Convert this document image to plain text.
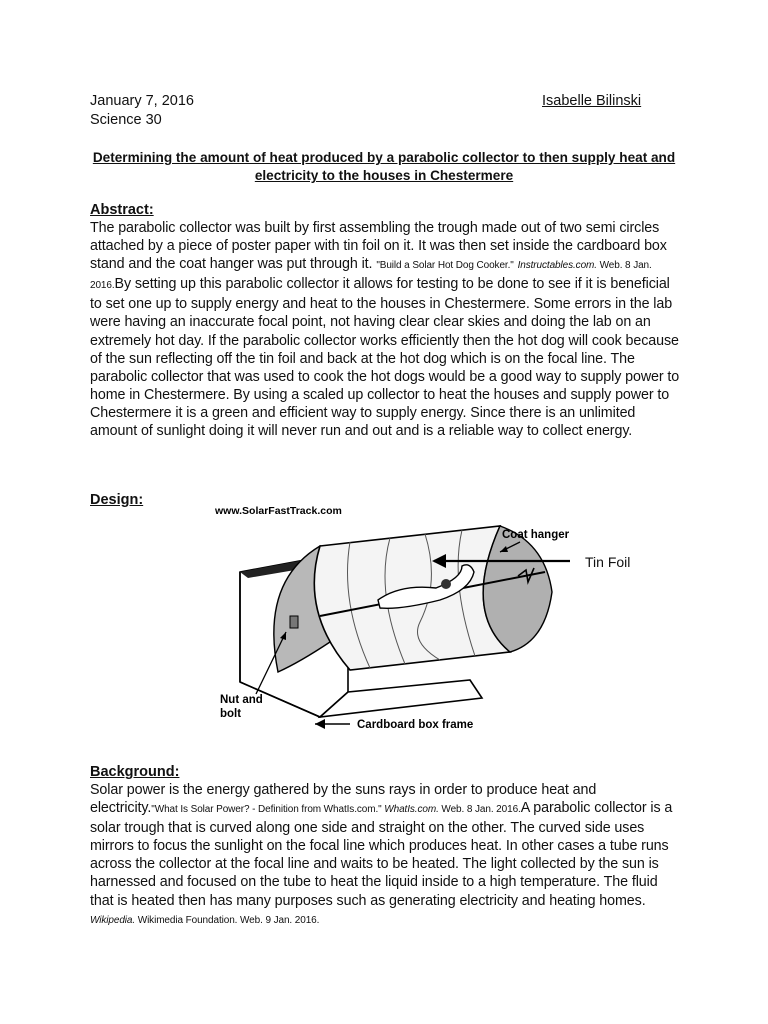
January 7, 2016
Science 30
Isabelle Bilinski
Determining the amount of heat produced by a parabolic collector to then supply heat and electricity to the houses in Chestermere
Abstract:

The parabolic collector was built by first assembling the trough made out of two semi circles attached by a piece of poster paper with tin foil on it. It was then set inside the cardboard box stand and the coat hanger was put through it. "Build a Solar Hot Dog Cooker." Instructables.com. Web. 8 Jan. 2016.By setting up this parabolic collector it allows for testing to be done to see if it is beneficial to set one up to supply energy and heat to the houses in Chestermere. Some errors in the lab were having an inaccurate focal point, not having clear clear skies and doing the lab on an extremely hot day. If the parabolic collector works efficiently then the hot dog will cook because of the sun reflecting off the tin foil and back at the hot dog which is on the focal line. The parabolic collector that was used to cook the hot dogs would be a good way to supply power to home in Chestermere. By using a scaled up collector to heat the houses and supply power to Chestermere it is a green and efficient way to supply energy. Since there is an unlimited amount of sunlight doing it will never run and out and is a reliable way to collect energy.

Design:
www.SolarFastTrack.com
Coat hanger
Nut and
bolt
Cardboard box frame
Tin Foil
Background:

Solar power is the energy gathered by the suns rays in order to produce heat and electricity."What Is Solar Power? - Definition from WhatIs.com." WhatIs.com. Web. 8 Jan. 2016.A parabolic collector is a solar trough that is curved along one side and straight on the other. The curved side uses mirrors to focus the sunlight on the focal line which produces heat. In other cases a tube runs across the collector at the focal line and waits to be heated. The light collected by the sun is harnessed and focused on the tube to heat the liquid inside to a high temperature. The fluid that is heated then has many purposes such as generating electricity and heating homes. Wikipedia. Wikimedia Foundation. Web. 9 Jan. 2016.
